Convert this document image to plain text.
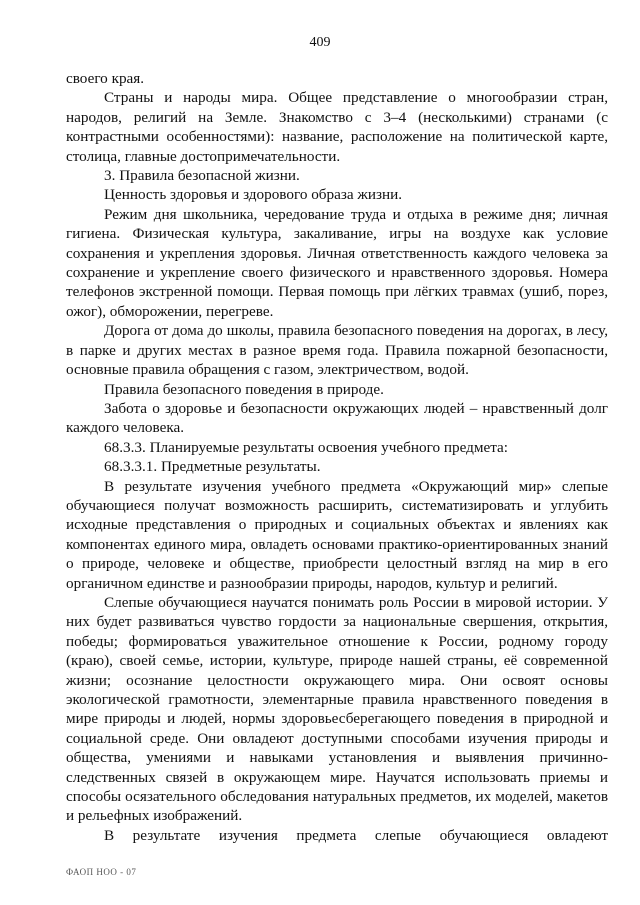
409

своего края.

Страны и народы мира. Общее представление о многообразии стран, народов, религий на Земле. Знакомство с 3–4 (несколькими) странами (с контрастными особенностями): название, расположение на политической карте, столица, главные достопримечательности.

3. Правила безопасной жизни.

Ценность здоровья и здорового образа жизни.

Режим дня школьника, чередование труда и отдыха в режиме дня; личная гигиена. Физическая культура, закаливание, игры на воздухе как условие сохранения и укрепления здоровья. Личная ответственность каждого человека за сохранение и укрепление своего физического и нравственного здоровья. Номера телефонов экстренной помощи. Первая помощь при лёгких травмах (ушиб, порез, ожог), обморожении, перегреве.

Дорога от дома до школы, правила безопасного поведения на дорогах, в лесу, в парке и других местах в разное время года. Правила пожарной безопасности, основные правила обращения с газом, электричеством, водой.

Правила безопасного поведения в природе.

Забота о здоровье и безопасности окружающих людей – нравственный долг каждого человека.

68.3.3. Планируемые результаты освоения учебного предмета:

68.3.3.1. Предметные результаты.

В результате изучения учебного предмета «Окружающий мир» слепые обучающиеся получат возможность расширить, систематизировать и углубить исходные представления о природных и социальных объектах и явлениях как компонентах единого мира, овладеть основами практико-ориентированных знаний о природе, человеке и обществе, приобрести целостный взгляд на мир в его органичном единстве и разнообразии природы, народов, культур и религий.

Слепые обучающиеся научатся понимать роль России в мировой истории. У них будет развиваться чувство гордости за национальные свершения, открытия, победы; формироваться уважительное отношение к России, родному городу (краю), своей семье, истории, культуре, природе нашей страны, её современной жизни; осознание целостности окружающего мира. Они освоят основы экологической грамотности, элементарные правила нравственного поведения в мире природы и людей, нормы здоровьесберегающего поведения в природной и социальной среде. Они овладеют доступными способами изучения природы и общества, умениями и навыками установления и выявления причинно-следственных связей в окружающем мире. Научатся использовать приемы и способы осязательного обследования натуральных предметов, их моделей, макетов и рельефных изображений.

В результате изучения предмета слепые обучающиеся овладеют

ФАОП НОО - 07
